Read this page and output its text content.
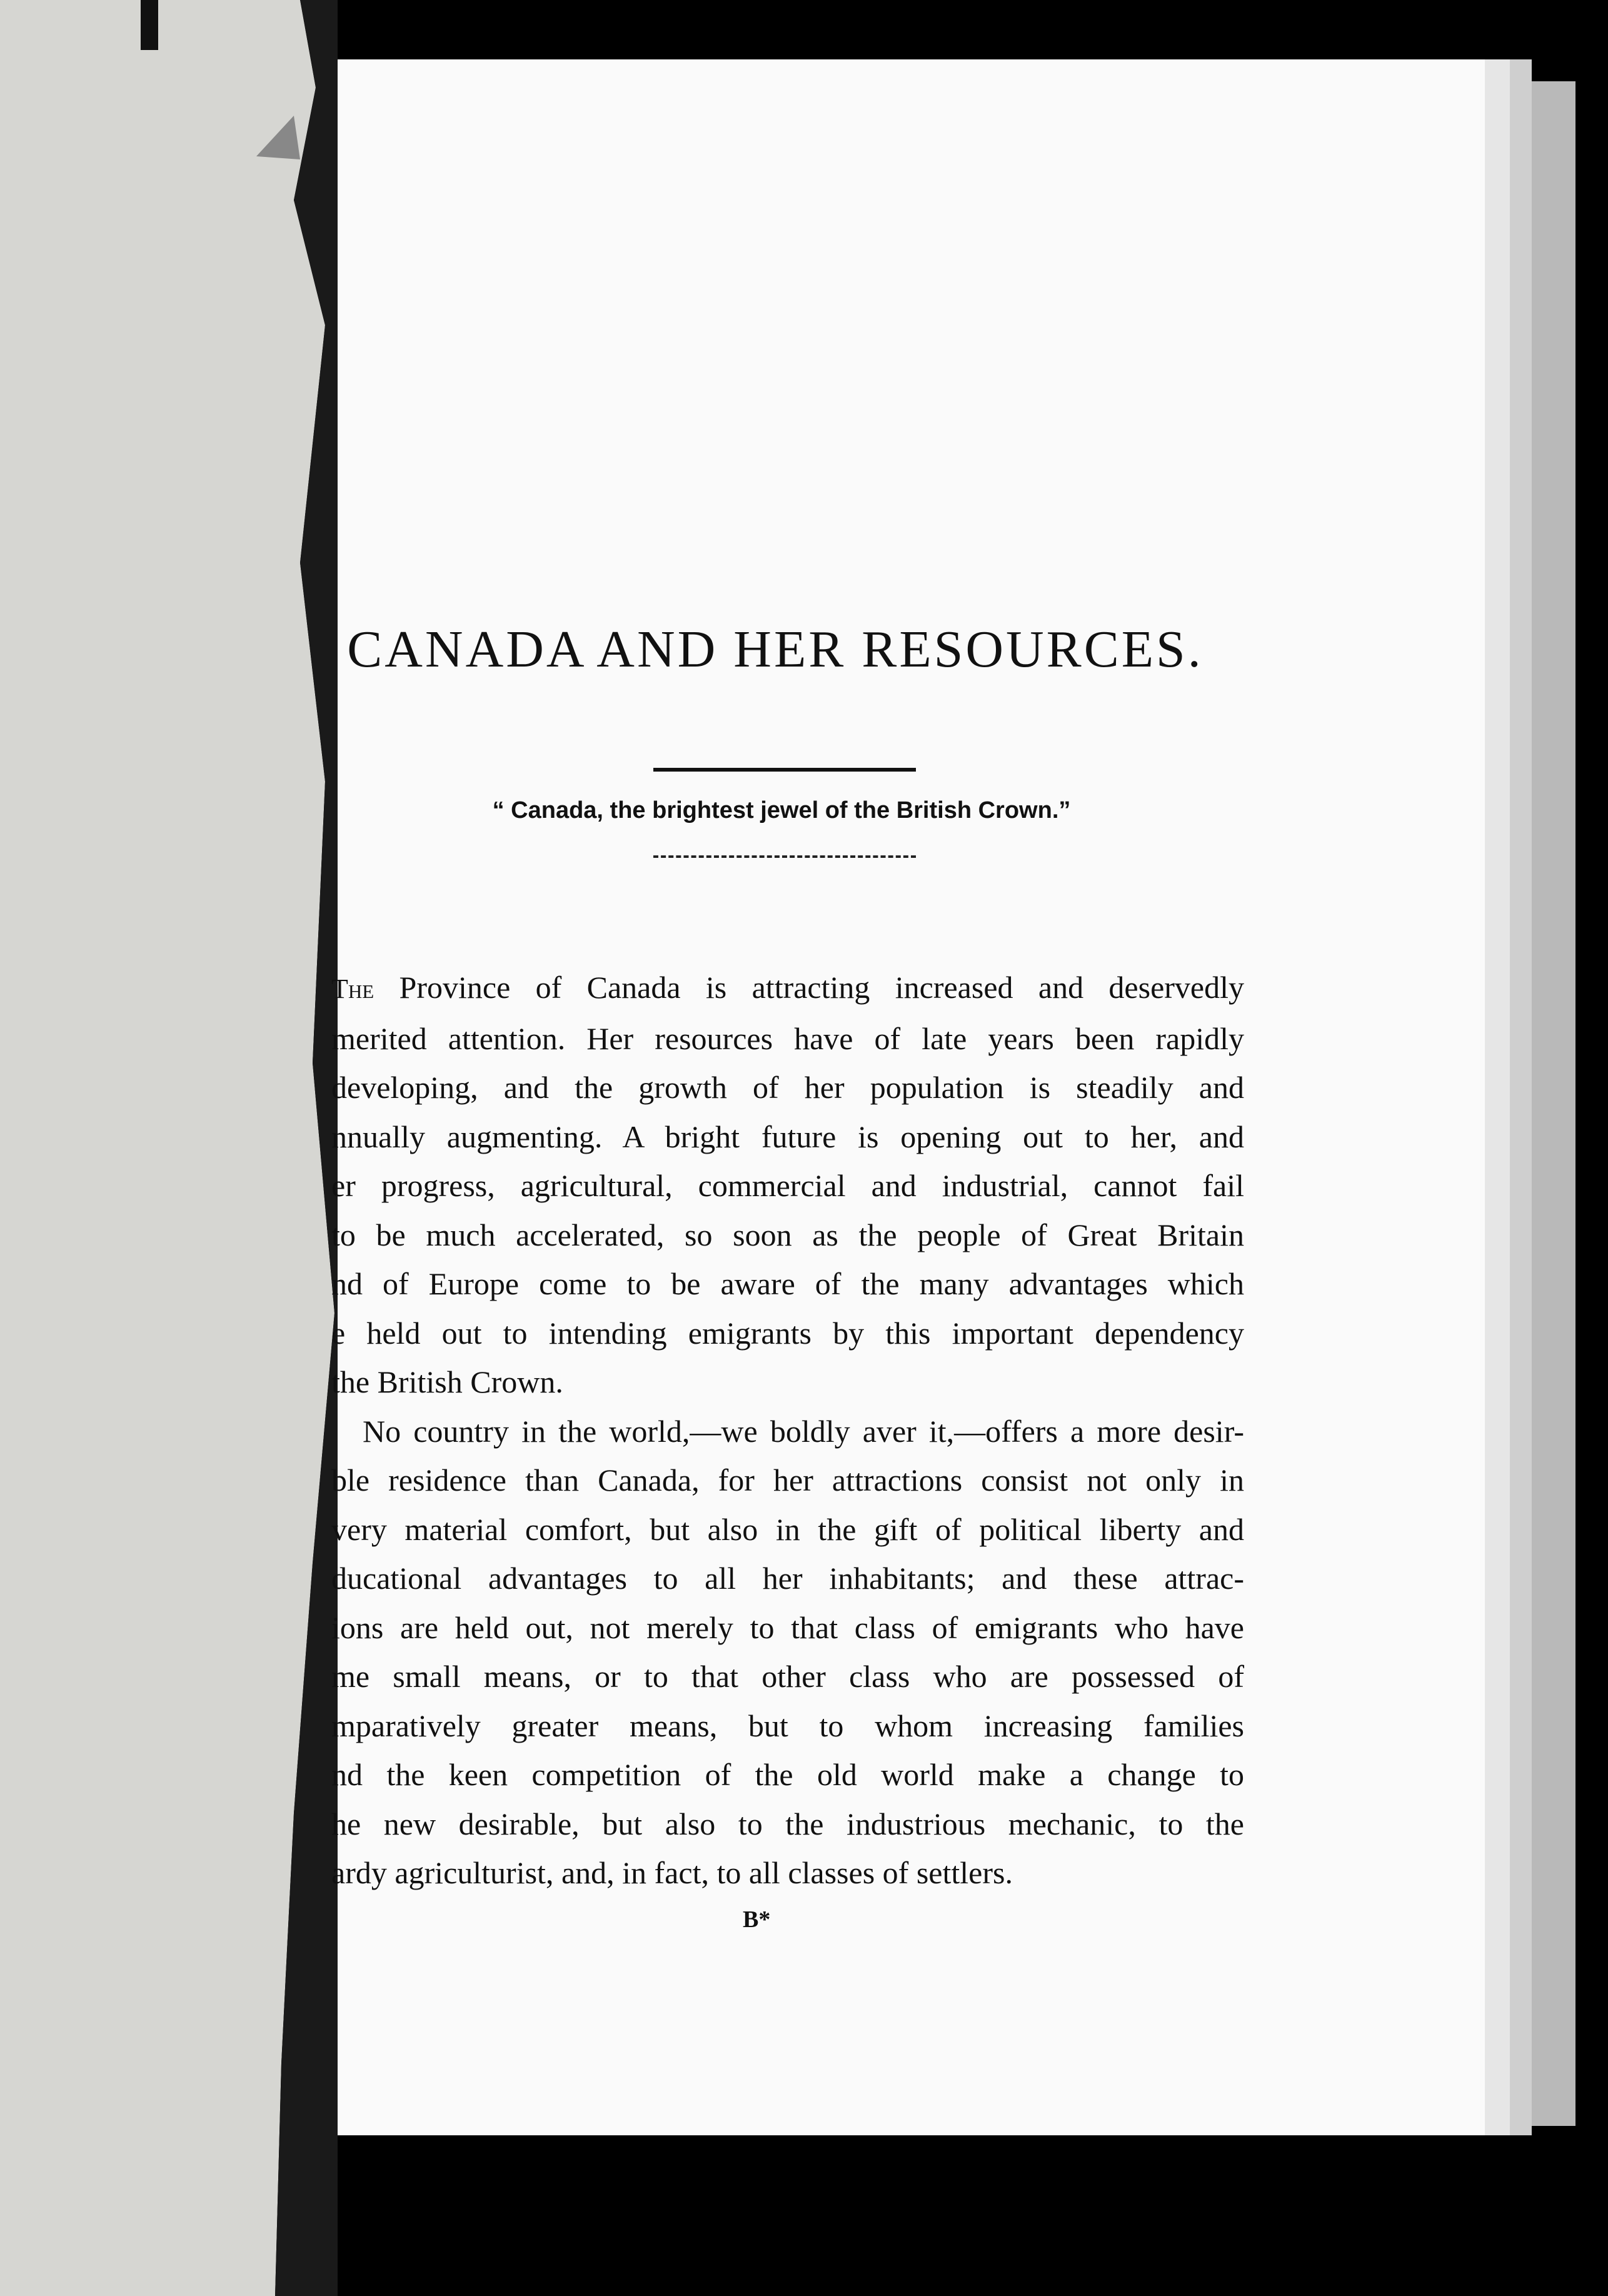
CANADA AND HER RESOURCES.
“ Canada, the brightest jewel of the British Crown.”
The Province of Canada is attracting increased and deservedly
merited attention. Her resources have of late years been rapidly
developing, and the growth of her population is steadily and
nnually augmenting. A bright future is opening out to her, and
er progress, agricultural, commercial and industrial, cannot fail
to be much accelerated, so soon as the people of Great Britain
nd of Europe come to be aware of the many advantages which
e held out to intending emigrants by this important dependency
the British Crown.
No country in the world,—we boldly aver it,—offers a more desir-
ble residence than Canada, for her attractions consist not only in
very material comfort, but also in the gift of political liberty and
ducational advantages to all her inhabitants; and these attrac-
ions are held out, not merely to that class of emigrants who have
me small means, or to that other class who are possessed of
mparatively greater means, but to whom increasing families
nd the keen competition of the old world make a change to
he new desirable, but also to the industrious mechanic, to the
ardy agriculturist, and, in fact, to all classes of settlers.
B*
